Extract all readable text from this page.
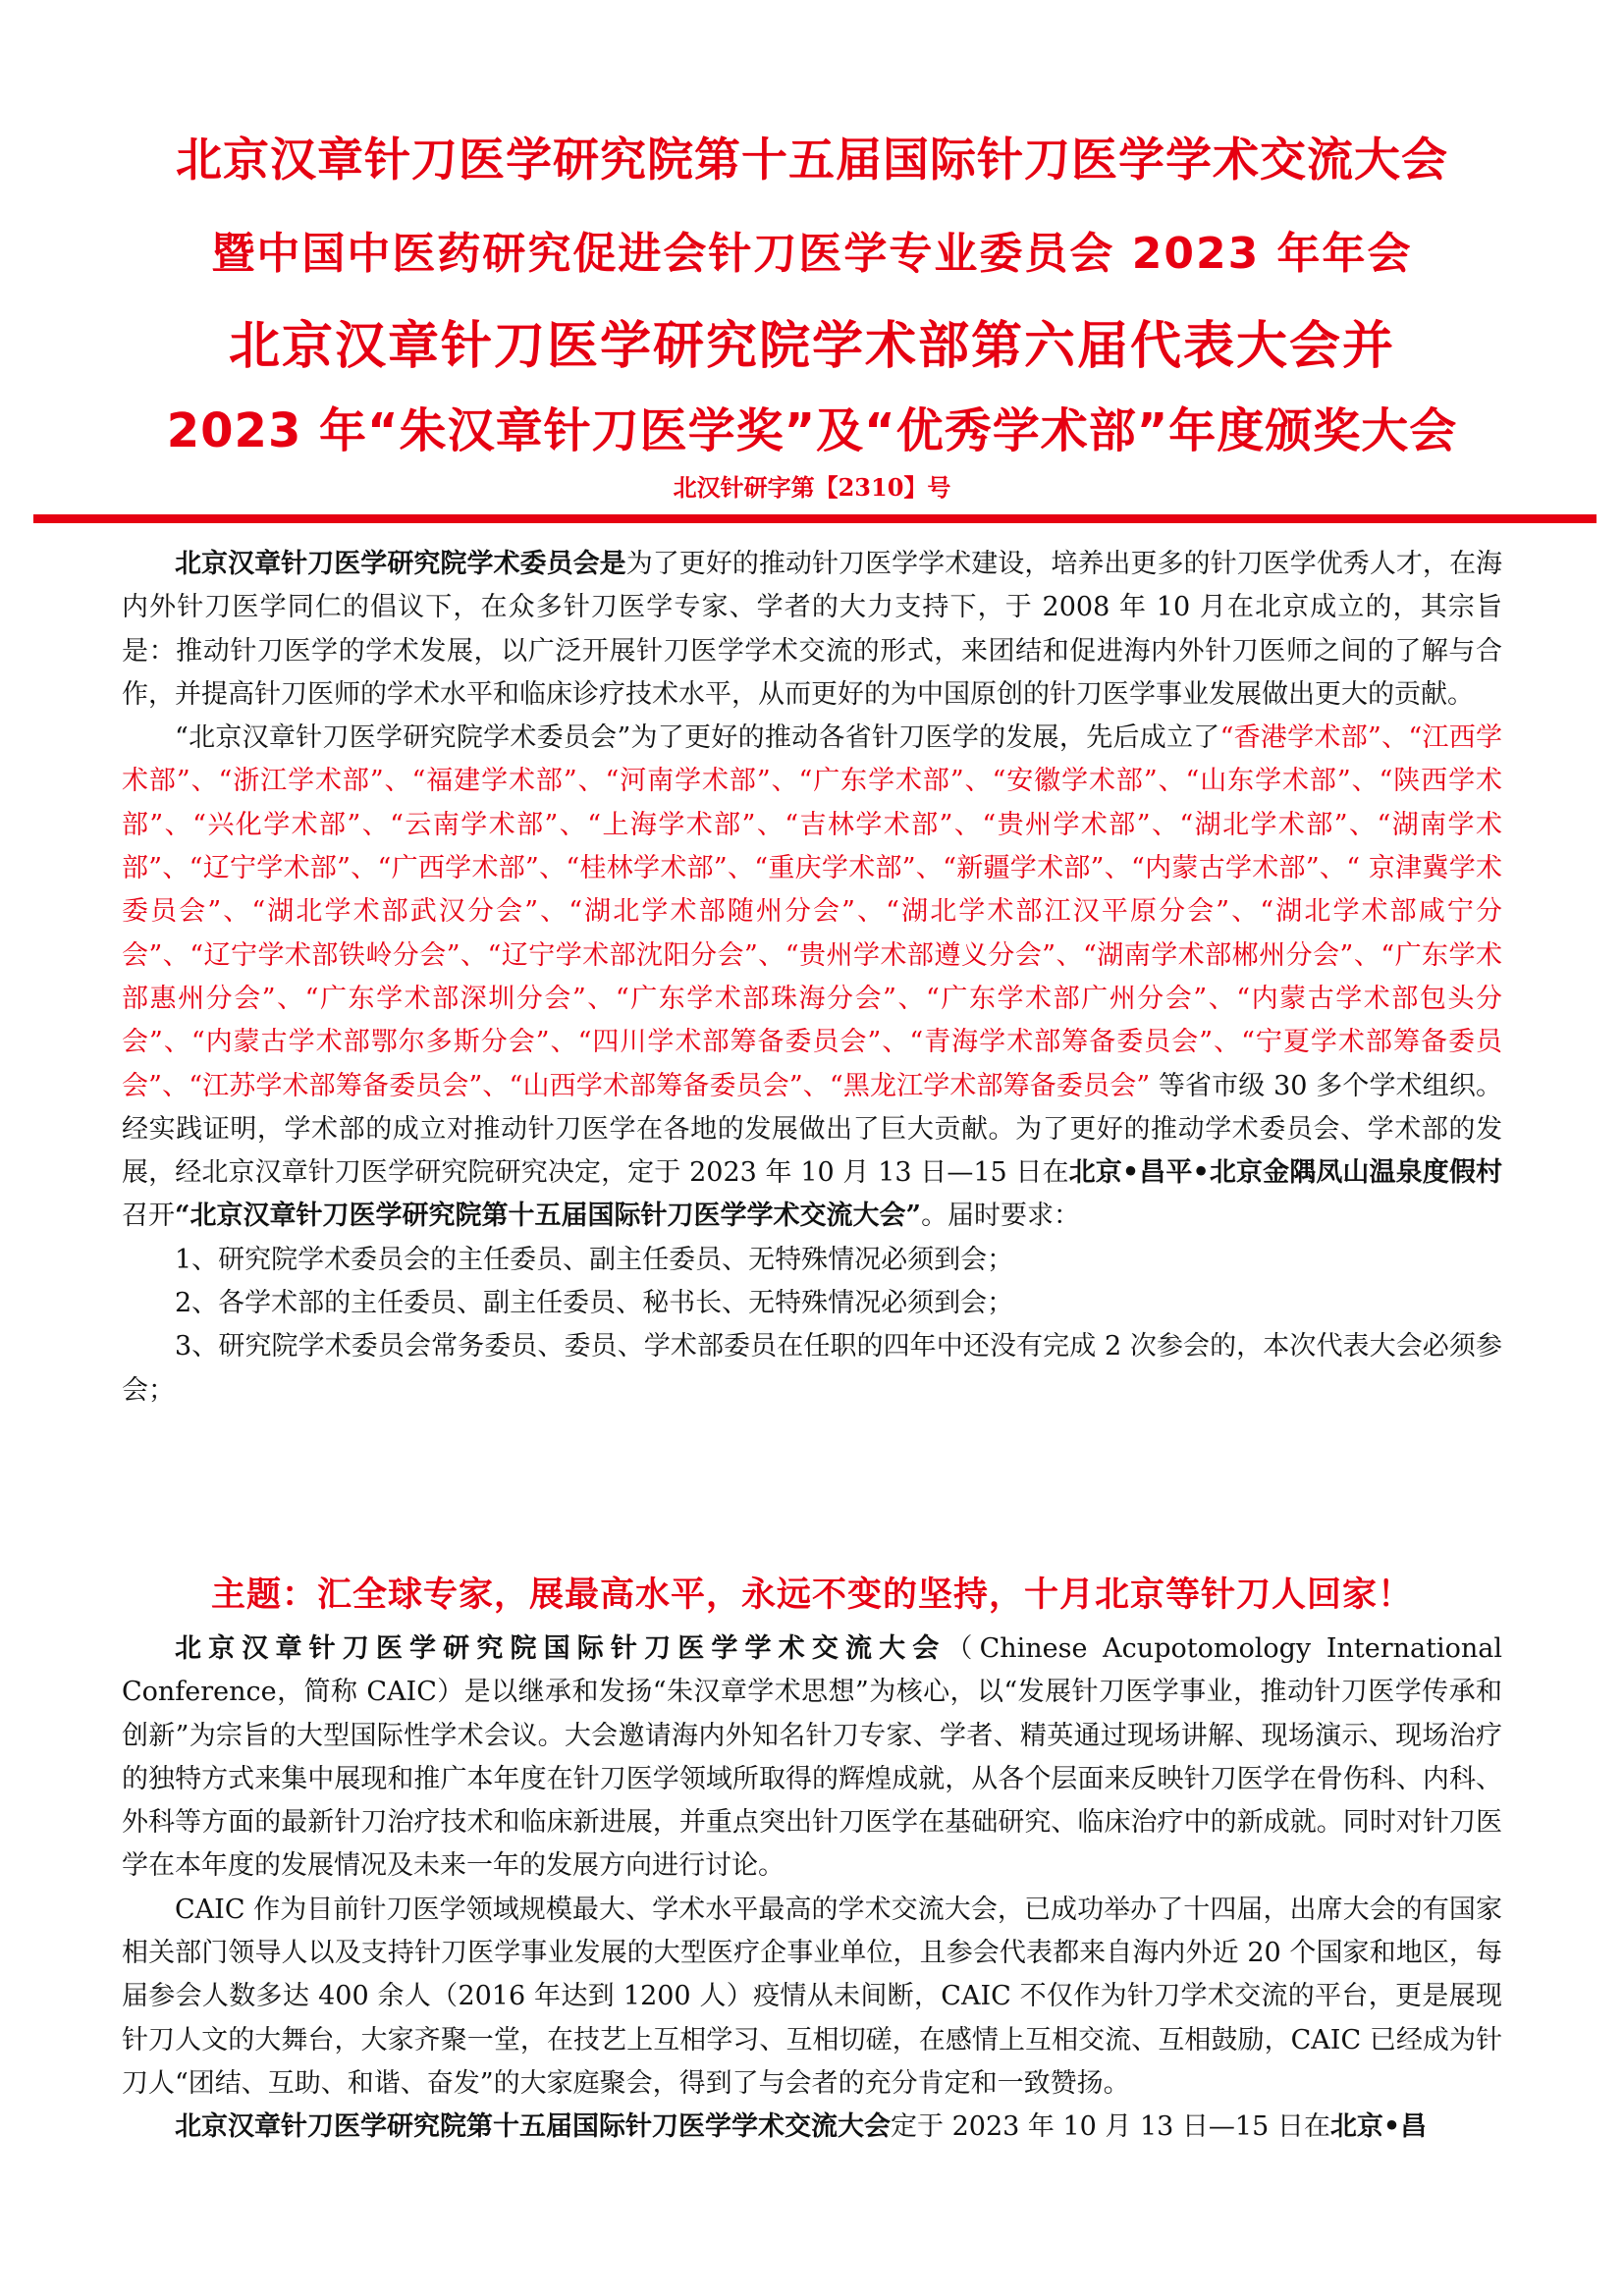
北京汉章针刀医学研究院第十五届国际针刀医学学术交流大会
暨中国中医药研究促进会针刀医学专业委员会 2023 年年会
北京汉章针刀医学研究院学术部第六届代表大会并
2023 年“朱汉章针刀医学奖”及“优秀学术部”年度颁奖大会
北汉针研字第【2310】号

北京汉章针刀医学研究院学术委员会是为了更好的推动针刀医学学术建设，培养出更多的针刀医学优秀人才，在海内外针刀医学同仁的倡议下，在众多针刀医学专家、学者的大力支持下，于 2008 年 10 月在北京成立的，其宗旨是：推动针刀医学的学术发展，以广泛开展针刀医学学术交流的形式，来团结和促进海内外针刀医师之间的了解与合作，并提高针刀医师的学术水平和临床诊疗技术水平，从而更好的为中国原创的针刀医学事业发展做出更大的贡献。

“北京汉章针刀医学研究院学术委员会”为了更好的推动各省针刀医学的发展，先后成立了“香港学术部”、“江西学术部”、“浙江学术部”、“福建学术部”、“河南学术部”、“广东学术部”、“安徽学术部”、“山东学术部”、“陕西学术部”、“兴化学术部”、“云南学术部”、“上海学术部”、“吉林学术部”、“贵州学术部”、“湖北学术部”、“湖南学术部”、“辽宁学术部”、“广西学术部”、“桂林学术部”、“重庆学术部”、“新疆学术部”、“内蒙古学术部”、“ 京津冀学术委员会”、“湖北学术部武汉分会”、“湖北学术部随州分会”、“湖北学术部江汉平原分会”、“湖北学术部咸宁分会”、“辽宁学术部铁岭分会”、“辽宁学术部沈阳分会”、“贵州学术部遵义分会”、“湖南学术部郴州分会”、“广东学术部惠州分会”、“广东学术部深圳分会”、“广东学术部珠海分会”、“广东学术部广州分会”、“内蒙古学术部包头分会”、“内蒙古学术部鄂尔多斯分会”、“四川学术部筹备委员会”、“青海学术部筹备委员会”、“宁夏学术部筹备委员会”、“江苏学术部筹备委员会”、“山西学术部筹备委员会”、“黑龙江学术部筹备委员会” 等省市级 30 多个学术组织。经实践证明，学术部的成立对推动针刀医学在各地的发展做出了巨大贡献。为了更好的推动学术委员会、学术部的发展，经北京汉章针刀医学研究院研究决定，定于 2023 年 10 月 13 日—15 日在北京•昌平•北京金隅凤山温泉度假村召开“北京汉章针刀医学研究院第十五届国际针刀医学学术交流大会”。届时要求：

1、研究院学术委员会的主任委员、副主任委员、无特殊情况必须到会；

2、各学术部的主任委员、副主任委员、秘书长、无特殊情况必须到会；

3、研究院学术委员会常务委员、委员、学术部委员在任职的四年中还没有完成 2 次参会的，本次代表大会必须参会；

主题：汇全球专家，展最高水平，永远不变的坚持，十月北京等针刀人回家！

北京汉章针刀医学研究院国际针刀医学学术交流大会（Chinese Acupotomology International Conference，简称 CAIC）是以继承和发扬“朱汉章学术思想”为核心，以“发展针刀医学事业，推动针刀医学传承和创新”为宗旨的大型国际性学术会议。大会邀请海内外知名针刀专家、学者、精英通过现场讲解、现场演示、现场治疗的独特方式来集中展现和推广本年度在针刀医学领域所取得的辉煌成就，从各个层面来反映针刀医学在骨伤科、内科、外科等方面的最新针刀治疗技术和临床新进展，并重点突出针刀医学在基础研究、临床治疗中的新成就。同时对针刀医学在本年度的发展情况及未来一年的发展方向进行讨论。

CAIC 作为目前针刀医学领域规模最大、学术水平最高的学术交流大会，已成功举办了十四届，出席大会的有国家相关部门领导人以及支持针刀医学事业发展的大型医疗企事业单位，且参会代表都来自海内外近 20 个国家和地区，每届参会人数多达 400 余人（2016 年达到 1200 人）疫情从未间断，CAIC 不仅作为针刀学术交流的平台，更是展现针刀人文的大舞台，大家齐聚一堂，在技艺上互相学习、互相切磋，在感情上互相交流、互相鼓励，CAIC 已经成为针刀人“团结、互助、和谐、奋发”的大家庭聚会，得到了与会者的充分肯定和一致赞扬。

北京汉章针刀医学研究院第十五届国际针刀医学学术交流大会定于 2023 年 10 月 13 日—15 日在北京•昌
